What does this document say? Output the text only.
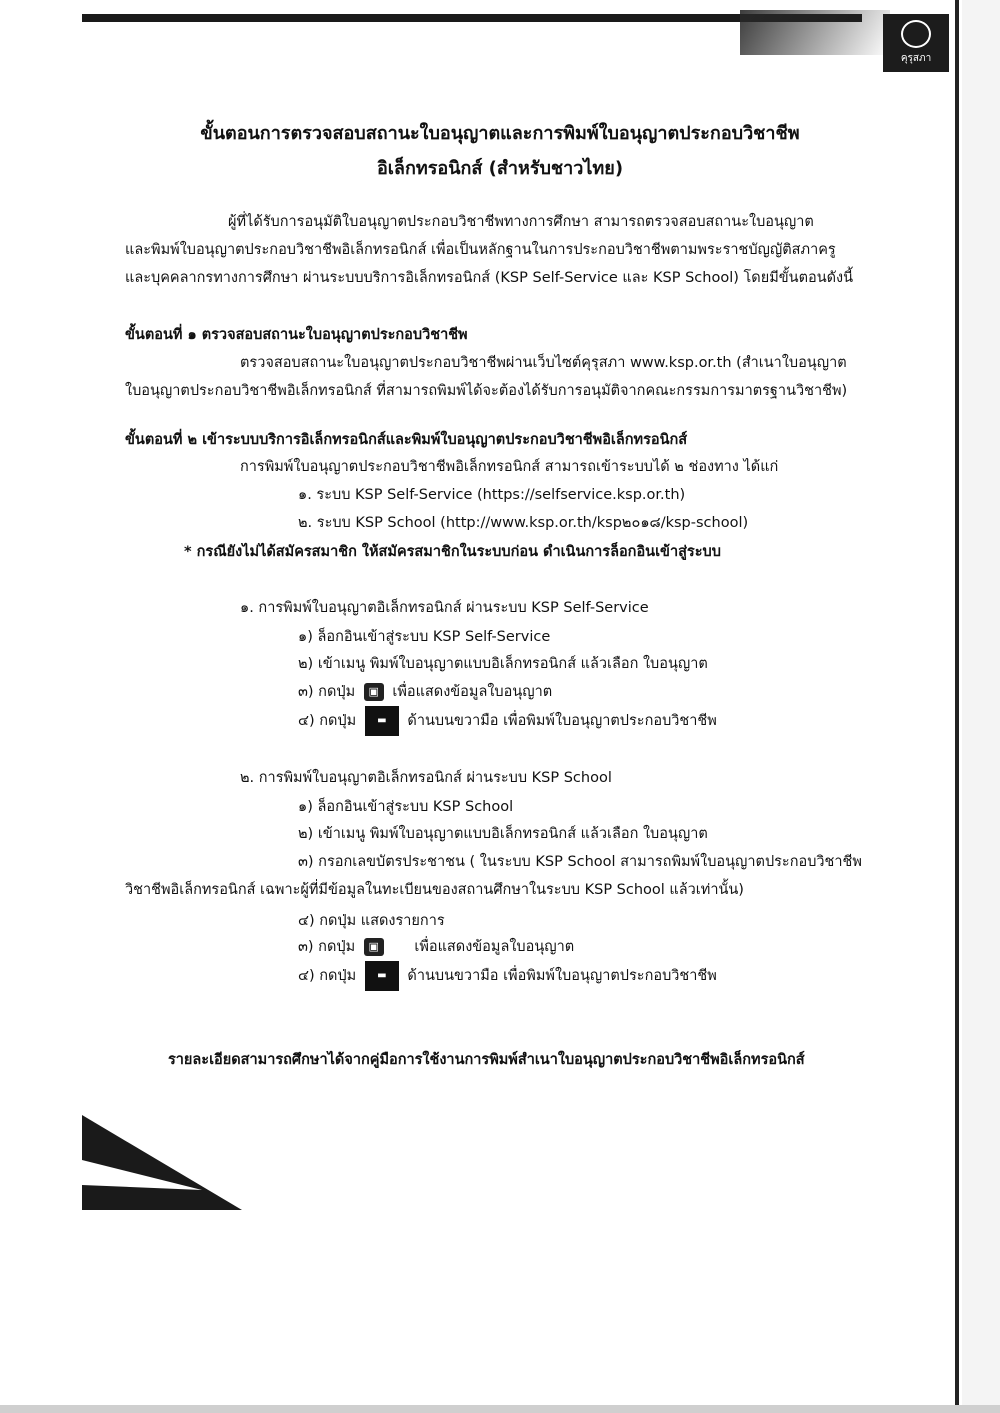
คุรุสภา
ขั้นตอนการตรวจสอบสถานะใบอนุญาตและการพิมพ์ใบอนุญาตประกอบวิชาชีพ
อิเล็กทรอนิกส์ (สำหรับชาวไทย)
ผู้ที่ได้รับการอนุมัติใบอนุญาตประกอบวิชาชีพทางการศึกษา สามารถตรวจสอบสถานะใบอนุญาต
และพิมพ์ใบอนุญาตประกอบวิชาชีพอิเล็กทรอนิกส์ เพื่อเป็นหลักฐานในการประกอบวิชาชีพตามพระราชบัญญัติสภาครู
และบุคคลากรทางการศึกษา ผ่านระบบบริการอิเล็กทรอนิกส์ (KSP Self-Service และ KSP School) โดยมีขั้นตอนดังนี้
ขั้นตอนที่ ๑ ตรวจสอบสถานะใบอนุญาตประกอบวิชาชีพ
ตรวจสอบสถานะใบอนุญาตประกอบวิชาชีพผ่านเว็บไซต์คุรุสภา www.ksp.or.th (สำเนาใบอนุญาต
ใบอนุญาตประกอบวิชาชีพอิเล็กทรอนิกส์ ที่สามารถพิมพ์ได้จะต้องได้รับการอนุมัติจากคณะกรรมการมาตรฐานวิชาชีพ)
ขั้นตอนที่ ๒ เข้าระบบบริการอิเล็กทรอนิกส์และพิมพ์ใบอนุญาตประกอบวิชาชีพอิเล็กทรอนิกส์
การพิมพ์ใบอนุญาตประกอบวิชาชีพอิเล็กทรอนิกส์ สามารถเข้าระบบได้ ๒ ช่องทาง ได้แก่
๑. ระบบ KSP Self-Service (https://selfservice.ksp.or.th)
๒. ระบบ KSP School (http://www.ksp.or.th/ksp๒๐๑๘/ksp-school)
* กรณียังไม่ได้สมัครสมาชิก ให้สมัครสมาชิกในระบบก่อน ดำเนินการล็อกอินเข้าสู่ระบบ
๑. การพิมพ์ใบอนุญาตอิเล็กทรอนิกส์ ผ่านระบบ KSP Self-Service
๑) ล็อกอินเข้าสู่ระบบ KSP Self-Service
๒) เข้าเมนู พิมพ์ใบอนุญาตแบบอิเล็กทรอนิกส์ แล้วเลือก ใบอนุญาต
๓) กดปุ่ม ▣ เพื่อแสดงข้อมูลใบอนุญาต
๔) กดปุ่ม ▬ ด้านบนขวามือ เพื่อพิมพ์ใบอนุญาตประกอบวิชาชีพ
๒. การพิมพ์ใบอนุญาตอิเล็กทรอนิกส์ ผ่านระบบ KSP School
๑) ล็อกอินเข้าสู่ระบบ KSP School
๒) เข้าเมนู พิมพ์ใบอนุญาตแบบอิเล็กทรอนิกส์ แล้วเลือก ใบอนุญาต
๓) กรอกเลขบัตรประชาชน ( ในระบบ KSP School สามารถพิมพ์ใบอนุญาตประกอบวิชาชีพ
วิชาชีพอิเล็กทรอนิกส์ เฉพาะผู้ที่มีข้อมูลในทะเบียนของสถานศึกษาในระบบ KSP School แล้วเท่านั้น)
๔) กดปุ่ม แสดงรายการ
๓) กดปุ่ม ▣ เพื่อแสดงข้อมูลใบอนุญาต
๔) กดปุ่ม ▬ ด้านบนขวามือ เพื่อพิมพ์ใบอนุญาตประกอบวิชาชีพ
รายละเอียดสามารถศึกษาได้จากคู่มือการใช้งานการพิมพ์สำเนาใบอนุญาตประกอบวิชาชีพอิเล็กทรอนิกส์
